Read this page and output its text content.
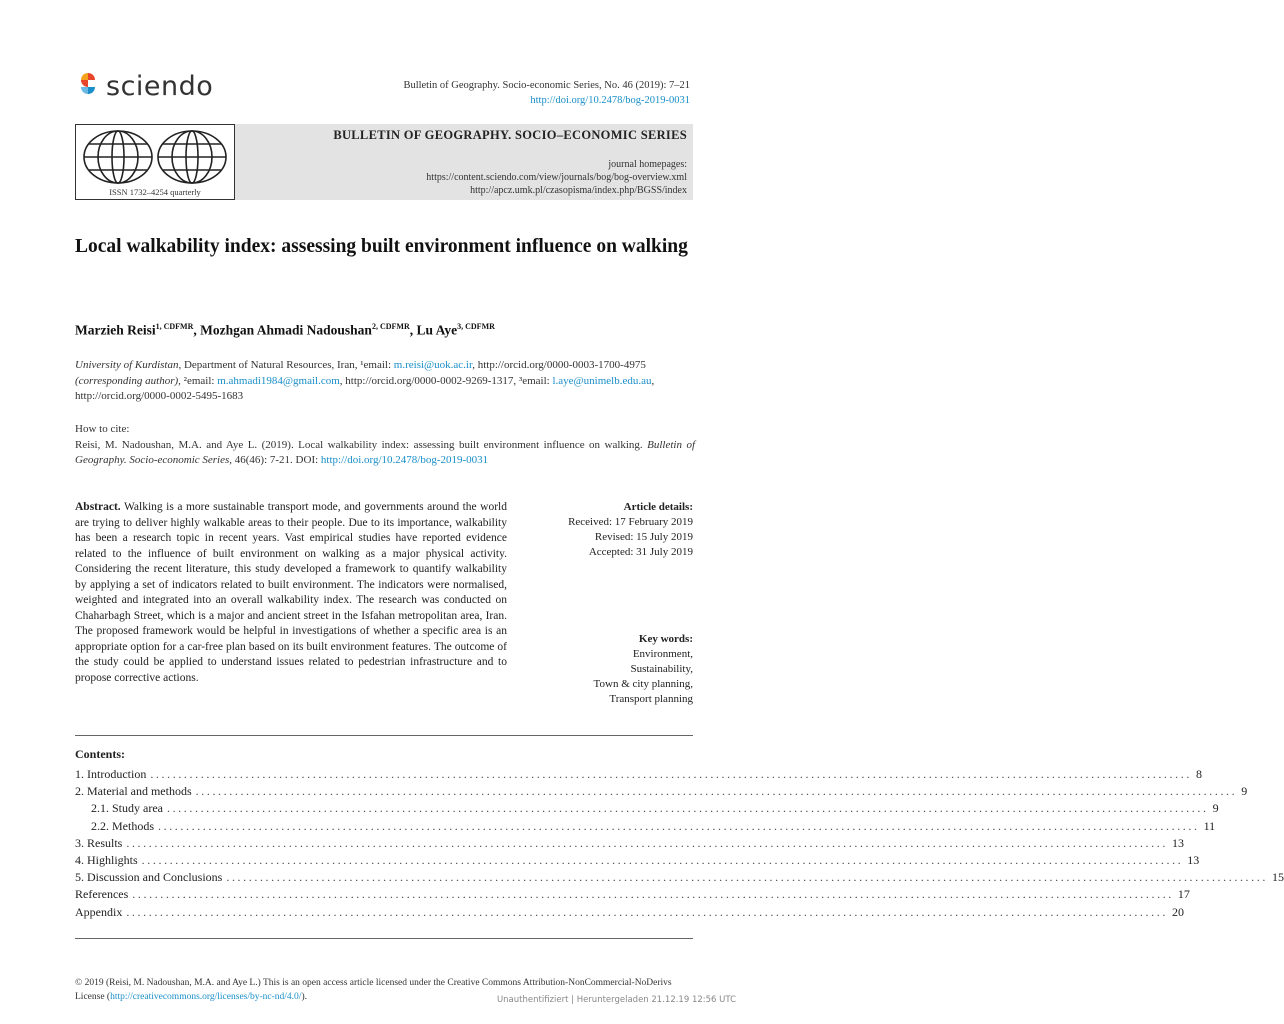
sciendo	Bulletin of Geography. Socio-economic Series, No. 46 (2019): 7–21
http://doi.org/10.2478/bog-2019-0031
ISSN 1732–4254 quarterly
BULLETIN OF GEOGRAPHY. SOCIO–ECONOMIC SERIES
journal homepages:
https://content.sciendo.com/view/journals/bog/bog-overview.xml
http://apcz.umk.pl/czasopisma/index.php/BGSS/index
Local walkability index: assessing built environment influence on walking
Marzieh Reisi$^{1, CDFMR}$, Mozhgan Ahmadi Nadoushan$^{2, CDFMR}$, Lu Aye$^{3, CDFMR}$
University of Kurdistan, Department of Natural Resources, Iran, ¹email: m.reisi@uok.ac.ir, http://orcid.org/0000-0003-1700-4975
(corresponding author), ²email: m.ahmadi1984@gmail.com, http://orcid.org/0000-0002-9269-1317, ³email: l.aye@unimelb.edu.au,
http://orcid.org/0000-0002-5495-1683
How to cite:
Reisi, M. Nadoushan, M.A. and Aye L. (2019). Local walkability index: assessing built environment influence on walking. Bulletin of Geography. Socio-economic Series, 46(46): 7-21. DOI: http://doi.org/10.2478/bog-2019-0031
Abstract. Walking is a more sustainable transport mode, and governments around the world are trying to deliver highly walkable areas to their people. Due to its importance, walkability has been a research topic in recent years. Vast empirical studies have reported evidence related to the influence of built environment on walking as a major physical activity. Considering the recent literature, this study developed a framework to quantify walkability by applying a set of indicators related to built environment. The indicators were normalised, weighted and integrated into an overall walkability index. The research was conducted on Chaharbagh Street, which is a major and ancient street in the Isfahan metropolitan area, Iran. The proposed framework would be helpful in investigations of whether a specific area is an appropriate option for a car-free plan based on its built environment features. The outcome of the study could be applied to understand issues related to pedestrian infrastructure and to propose corrective actions.
Article details:
Received: 17 February 2019
Revised: 15 July 2019
Accepted: 31 July 2019
Key words:
Environment,
Sustainability,
Town & city planning,
Transport planning
Contents:
1. Introduction .......................................................................................................................................................................................... 8
2. Material and methods .......................................................................................................................................................................................... 9
2.1. Study area .......................................................................................................................................................................................... 9
2.2. Methods .......................................................................................................................................................................................... 11
3. Results .......................................................................................................................................................................................... 13
4. Highlights .......................................................................................................................................................................................... 13
5. Discussion and Conclusions .......................................................................................................................................................................................... 15
References .......................................................................................................................................................................................... 17
Appendix .......................................................................................................................................................................................... 20
© 2019 (Reisi, M. Nadoushan, M.A. and Aye L.) This is an open access article licensed under the Creative Commons Attribution-NonCommercial-NoDerivs License (http://creativecommons.org/licenses/by-nc-nd/4.0/).	Unauthentifiziert | Heruntergeladen 21.12.19 12:56 UTC
